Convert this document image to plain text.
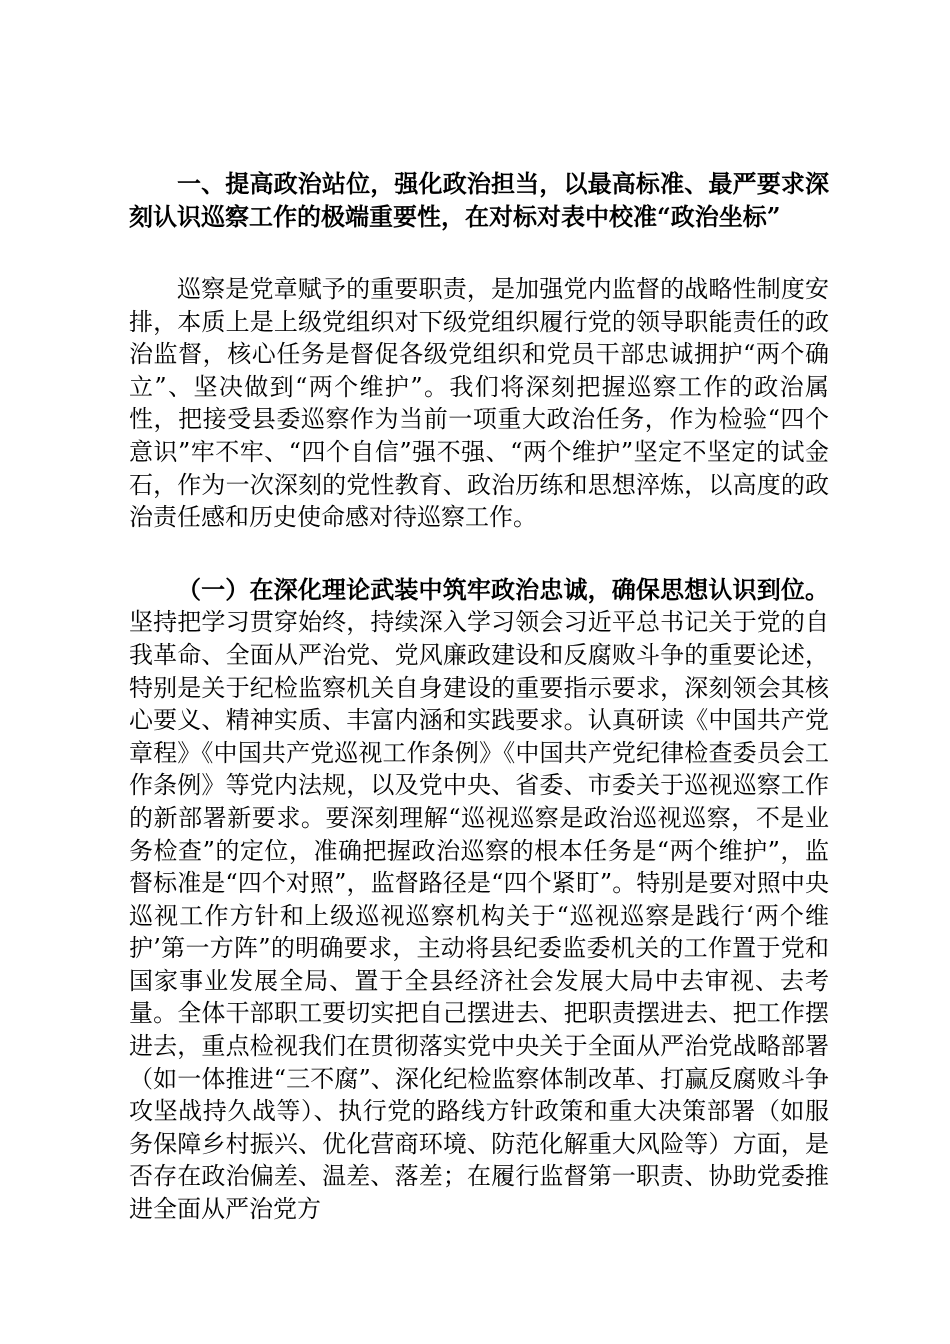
一、提高政治站位，强化政治担当，以最高标准、最严要求深刻认识巡察工作的极端重要性，在对标对表中校准“政治坐标”

巡察是党章赋予的重要职责，是加强党内监督的战略性制度安排，本质上是上级党组织对下级党组织履行党的领导职能责任的政治监督，核心任务是督促各级党组织和党员干部忠诚拥护“两个确立”、坚决做到“两个维护”。我们将深刻把握巡察工作的政治属性，把接受县委巡察作为当前一项重大政治任务，作为检验“四个意识”牢不牢、“四个自信”强不强、“两个维护”坚定不坚定的试金石，作为一次深刻的党性教育、政治历练和思想淬炼，以高度的政治责任感和历史使命感对待巡察工作。

（一）在深化理论武装中筑牢政治忠诚，确保思想认识到位。坚持把学习贯穿始终，持续深入学习领会习近平总书记关于党的自我革命、全面从严治党、党风廉政建设和反腐败斗争的重要论述，特别是关于纪检监察机关自身建设的重要指示要求，深刻领会其核心要义、精神实质、丰富内涵和实践要求。认真研读《中国共产党章程》《中国共产党巡视工作条例》《中国共产党纪律检查委员会工作条例》等党内法规，以及党中央、省委、市委关于巡视巡察工作的新部署新要求。要深刻理解“巡视巡察是政治巡视巡察，不是业务检查”的定位，准确把握政治巡察的根本任务是“两个维护”，监督标准是“四个对照”，监督路径是“四个紧盯”。特别是要对照中央巡视工作方针和上级巡视巡察机构关于“巡视巡察是践行‘两个维护’第一方阵”的明确要求，主动将县纪委监委机关的工作置于党和国家事业发展全局、置于全县经济社会发展大局中去审视、去考量。全体干部职工要切实把自己摆进去、把职责摆进去、把工作摆进去，重点检视我们在贯彻落实党中央关于全面从严治党战略部署（如一体推进“三不腐”、深化纪检监察体制改革、打赢反腐败斗争攻坚战持久战等）、执行党的路线方针政策和重大决策部署（如服务保障乡村振兴、优化营商环境、防范化解重大风险等）方面，是否存在政治偏差、温差、落差；在履行监督第一职责、协助党委推进全面从严治党方
